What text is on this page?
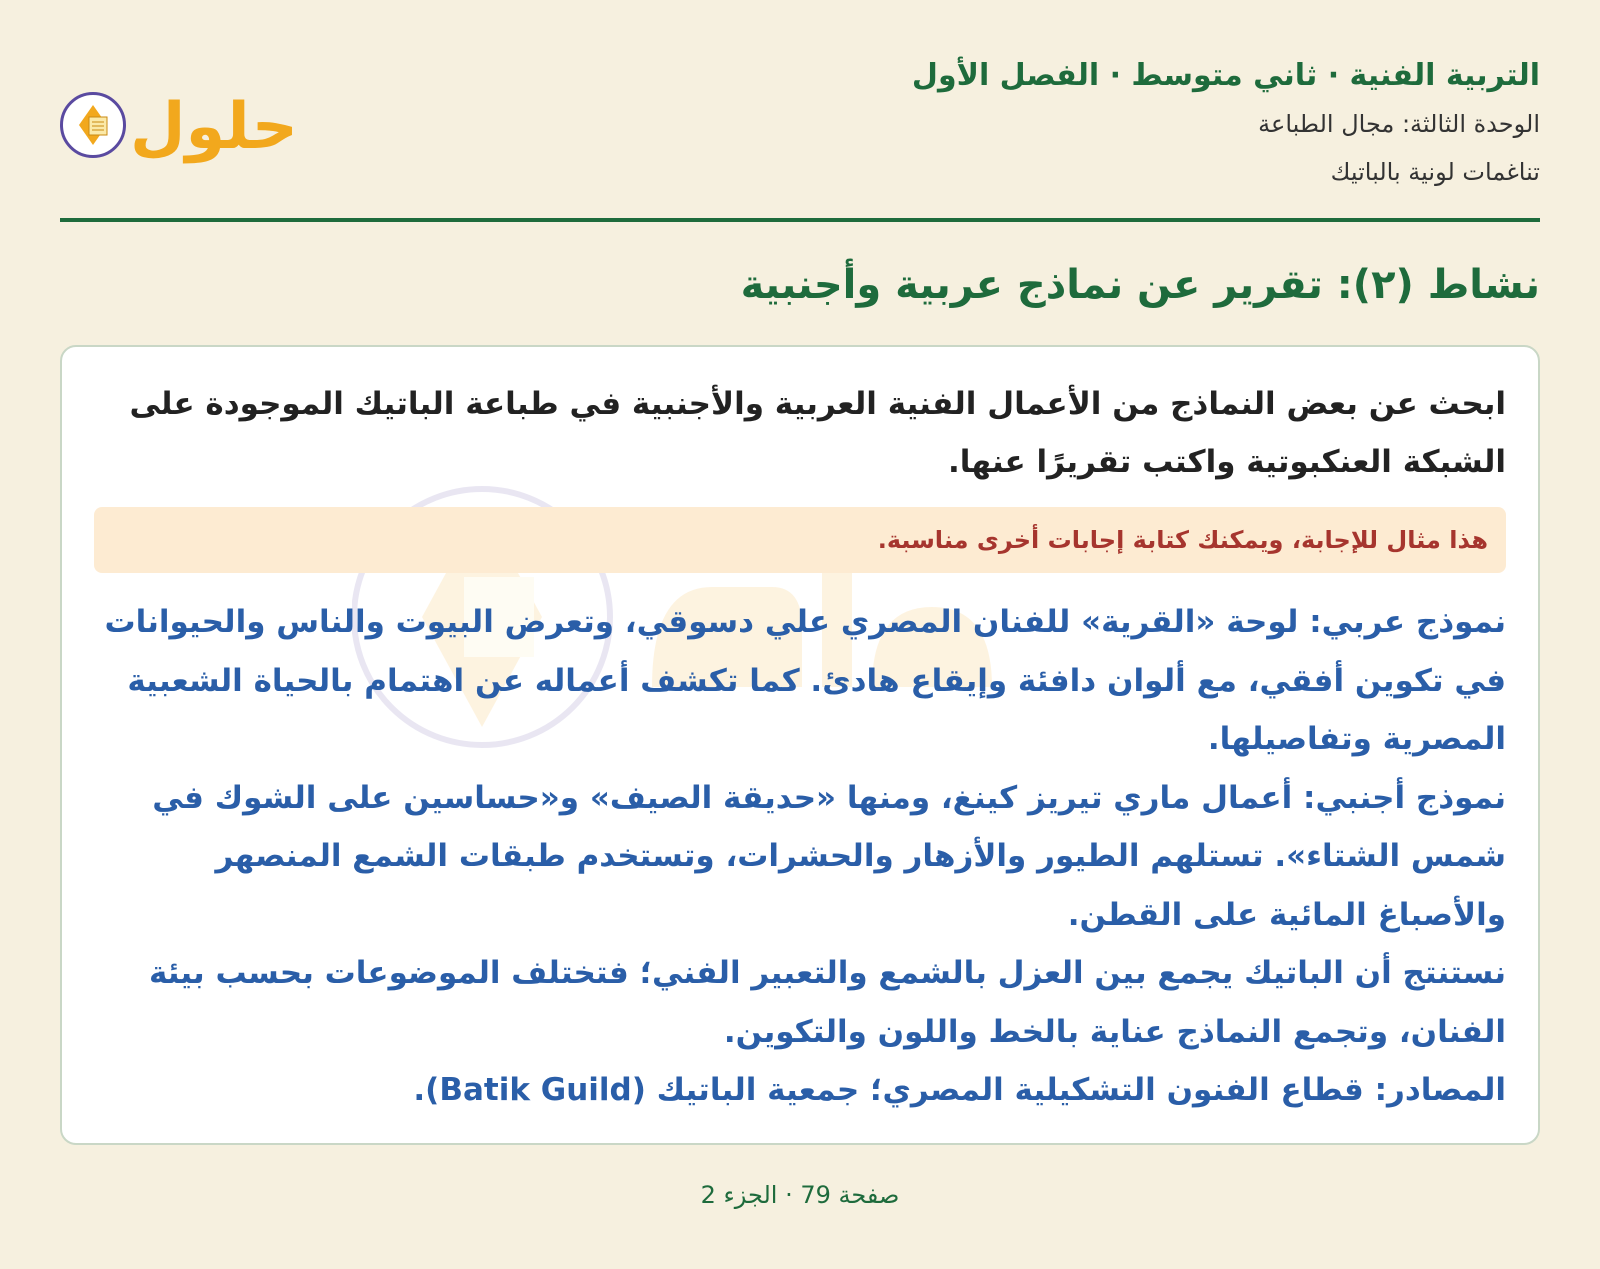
التربية الفنية · ثاني متوسط · الفصل الأول
الوحدة الثالثة: مجال الطباعة
تناغمات لونية بالباتيك
حلول
نشاط (٢): تقرير عن نماذج عربية وأجنبية
ابحث عن بعض النماذج من الأعمال الفنية العربية والأجنبية في طباعة الباتيك الموجودة على الشبكة العنكبوتية واكتب تقريرًا عنها.
هذا مثال للإجابة، ويمكنك كتابة إجابات أخرى مناسبة.

نموذج عربي: لوحة «القرية» للفنان المصري علي دسوقي، وتعرض البيوت والناس والحيوانات في تكوين أفقي، مع ألوان دافئة وإيقاع هادئ. كما تكشف أعماله عن اهتمام بالحياة الشعبية المصرية وتفاصيلها.

نموذج أجنبي: أعمال ماري تيريز كينغ، ومنها «حديقة الصيف» و«حساسين على الشوك في شمس الشتاء». تستلهم الطيور والأزهار والحشرات، وتستخدم طبقات الشمع المنصهر والأصباغ المائية على القطن.

نستنتج أن الباتيك يجمع بين العزل بالشمع والتعبير الفني؛ فتختلف الموضوعات بحسب بيئة الفنان، وتجمع النماذج عناية بالخط واللون والتكوين.

المصادر: قطاع الفنون التشكيلية المصري؛ جمعية الباتيك (Batik Guild).

صفحة 79 · الجزء 2
